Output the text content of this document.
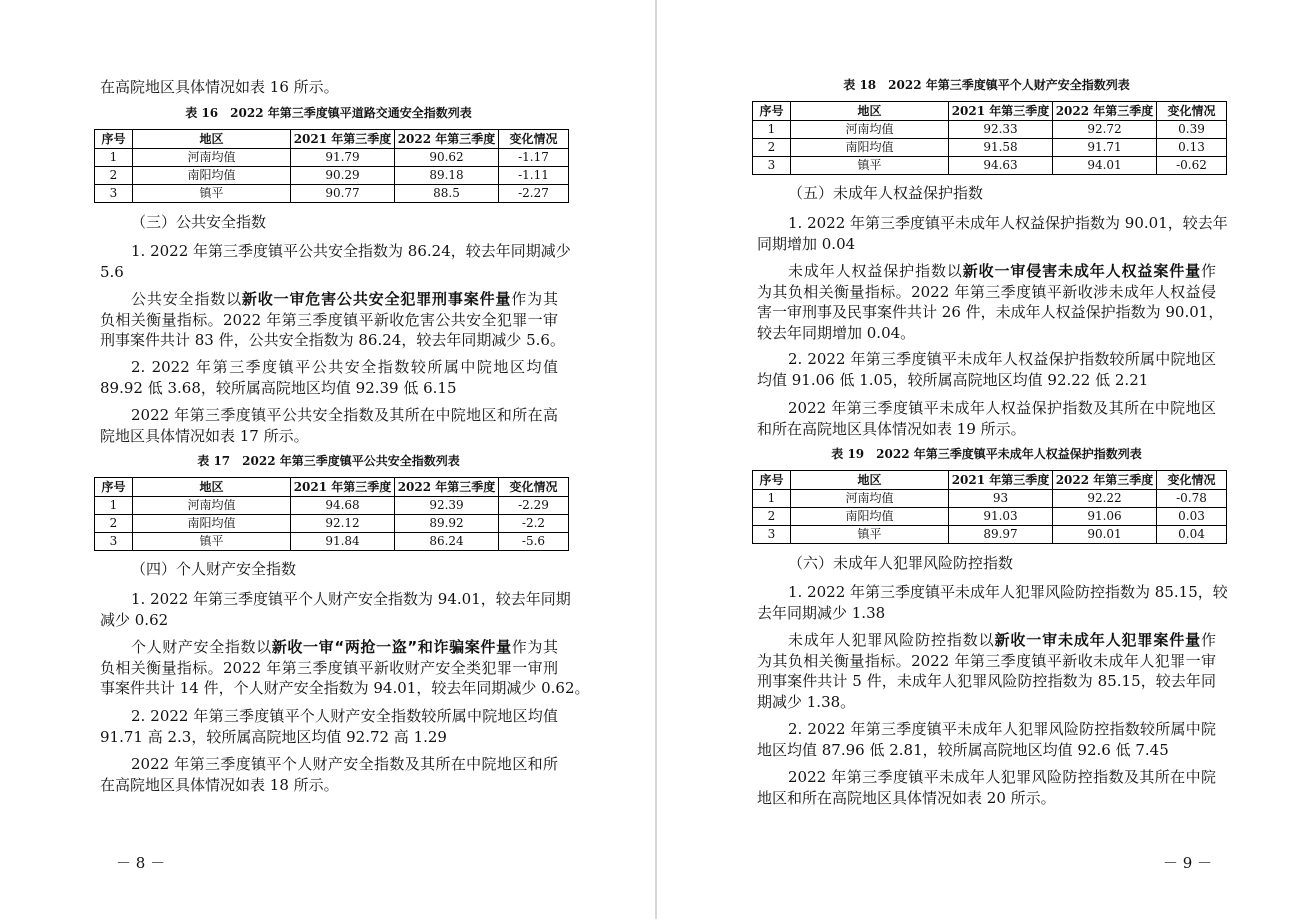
在高院地区具体情况如表 16 所示。
表 16　2022 年第三季度镇平道路交通安全指数列表
序号	地区	2021 年第三季度	2022 年第三季度	变化情况
1	河南均值	91.79	90.62	-1.17
2	南阳均值	90.29	89.18	-1.11
3	镇平	90.77	88.5	-2.27
（三）公共安全指数
1. 2022 年第三季度镇平公共安全指数为 86.24，较去年同期减少
5.6
公共安全指数以新收一审危害公共安全犯罪刑事案件量作为其
负相关衡量指标。2022 年第三季度镇平新收危害公共安全犯罪一审
刑事案件共计 83 件，公共安全指数为 86.24，较去年同期减少 5.6。
2. 2022 年第三季度镇平公共安全指数较所属中院地区均值
89.92 低 3.68，较所属高院地区均值 92.39 低 6.15
2022 年第三季度镇平公共安全指数及其所在中院地区和所在高
院地区具体情况如表 17 所示。
表 17　2022 年第三季度镇平公共安全指数列表
序号	地区	2021 年第三季度	2022 年第三季度	变化情况
1	河南均值	94.68	92.39	-2.29
2	南阳均值	92.12	89.92	-2.2
3	镇平	91.84	86.24	-5.6
（四）个人财产安全指数
1. 2022 年第三季度镇平个人财产安全指数为 94.01，较去年同期
减少 0.62
个人财产安全指数以新收一审“两抢一盗”和诈骗案件量作为其
负相关衡量指标。2022 年第三季度镇平新收财产安全类犯罪一审刑
事案件共计 14 件，个人财产安全指数为 94.01，较去年同期减少 0.62。
2. 2022 年第三季度镇平个人财产安全指数较所属中院地区均值
91.71 高 2.3，较所属高院地区均值 92.72 高 1.29
2022 年第三季度镇平个人财产安全指数及其所在中院地区和所
在高院地区具体情况如表 18 所示。
－ 8 －
表 18　2022 年第三季度镇平个人财产安全指数列表
序号	地区	2021 年第三季度	2022 年第三季度	变化情况
1	河南均值	92.33	92.72	0.39
2	南阳均值	91.58	91.71	0.13
3	镇平	94.63	94.01	-0.62
（五）未成年人权益保护指数
1. 2022 年第三季度镇平未成年人权益保护指数为 90.01，较去年
同期增加 0.04
未成年人权益保护指数以新收一审侵害未成年人权益案件量作
为其负相关衡量指标。2022 年第三季度镇平新收涉未成年人权益侵
害一审刑事及民事案件共计 26 件，未成年人权益保护指数为 90.01，
较去年同期增加 0.04。
2. 2022 年第三季度镇平未成年人权益保护指数较所属中院地区
均值 91.06 低 1.05，较所属高院地区均值 92.22 低 2.21
2022 年第三季度镇平未成年人权益保护指数及其所在中院地区
和所在高院地区具体情况如表 19 所示。
表 19　2022 年第三季度镇平未成年人权益保护指数列表
序号	地区	2021 年第三季度	2022 年第三季度	变化情况
1	河南均值	93	92.22	-0.78
2	南阳均值	91.03	91.06	0.03
3	镇平	89.97	90.01	0.04
（六）未成年人犯罪风险防控指数
1. 2022 年第三季度镇平未成年人犯罪风险防控指数为 85.15，较
去年同期减少 1.38
未成年人犯罪风险防控指数以新收一审未成年人犯罪案件量作
为其负相关衡量指标。2022 年第三季度镇平新收未成年人犯罪一审
刑事案件共计 5 件，未成年人犯罪风险防控指数为 85.15，较去年同
期减少 1.38。
2. 2022 年第三季度镇平未成年人犯罪风险防控指数较所属中院
地区均值 87.96 低 2.81，较所属高院地区均值 92.6 低 7.45
2022 年第三季度镇平未成年人犯罪风险防控指数及其所在中院
地区和所在高院地区具体情况如表 20 所示。
－ 9 －
